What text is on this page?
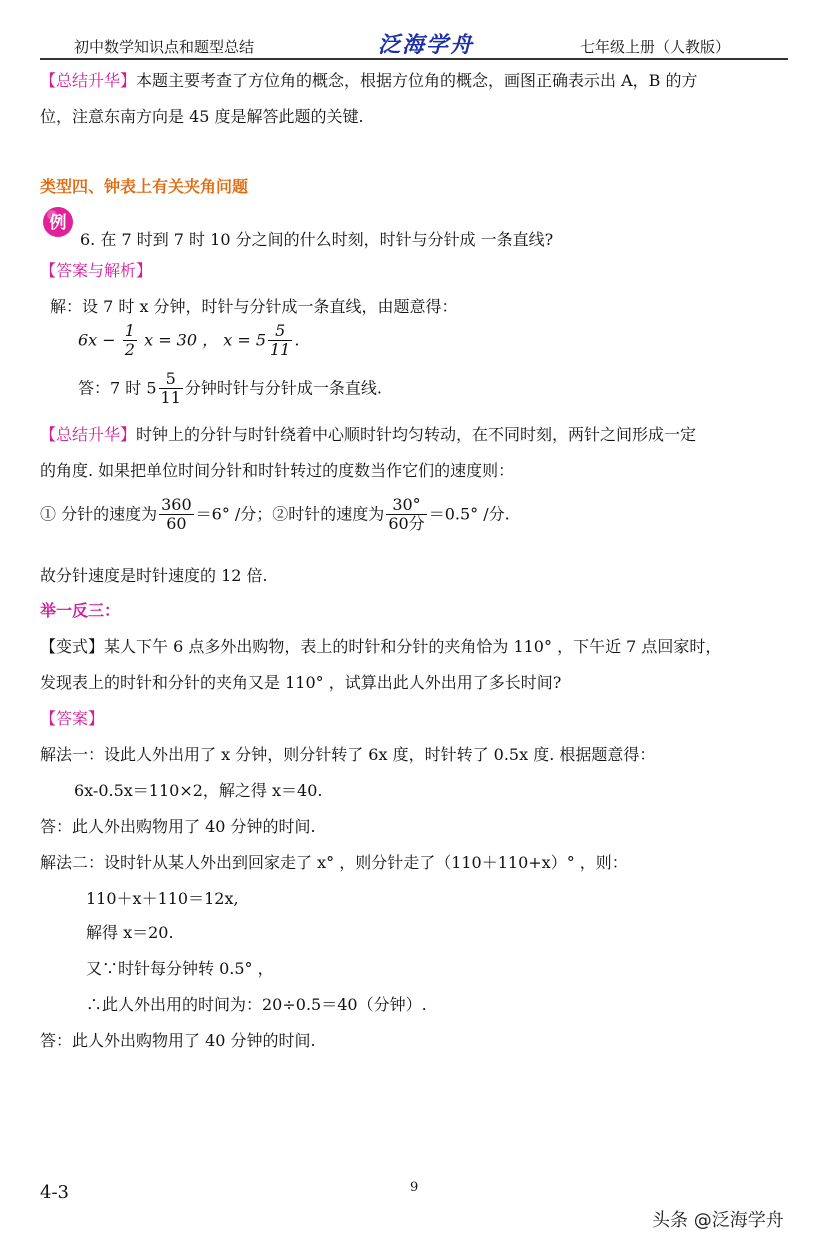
初中数学知识点和题型总结	泛海学舟	七年级上册（人教版）
【总结升华】本题主要考查了方位角的概念，根据方位角的概念，画图正确表示出 A，B 的方
位，注意东南方向是 45 度是解答此题的关键.
类型四、钟表上有关夹角问题
例
6. 在 7 时到 7 时 10 分之间的什么时刻，时针与分针成 一条直线?
【答案与解析】
解：设 7 时 x 分钟，时针与分针成一条直线，由题意得：
$6x - \frac{1}{2}$ x = 30 ， $x = 5 \frac{5}{11}$ .
答：7 时 $5 \frac{5}{11}$ 分钟时针与分针成一条直线.
【总结升华】时钟上的分针与时针绕着中心顺时针均匀转动，在不同时刻，两针之间形成一定
的角度. 如果把单位时间分针和时针转过的度数当作它们的速度则：
① 分针的速度为 $\frac{360}{60} =6^\circ$ /分；②时针的速度为 $\frac{30^\circ}{\text{60分}} =0.5^\circ$ /分.
故分针速度是时针速度的 12 倍.
举一反三：
【变式】某人下午 6 点多外出购物，表上的时针和分针的夹角恰为 110° ，下午近 7 点回家时，
发现表上的时针和分针的夹角又是 110° ，试算出此人外出用了多长时间?
【答案】
解法一：设此人外出用了 x 分钟，则分针转了 6x 度，时针转了 0.5x 度. 根据题意得：
6x-0.5x＝110×2，解之得 x＝40.
答：此人外出购物用了 40 分钟的时间.
解法二：设时针从某人外出到回家走了 x° ，则分针走了（110＋110+x）° ，则：
110＋x＋110＝12x,
解得 x＝20.
又∵时针每分钟转 0.5° ，
∴此人外出用的时间为：20÷0.5＝40（分钟）.
答：此人外出购物用了 40 分钟的时间.
4-3	9
头条 @泛海学舟
